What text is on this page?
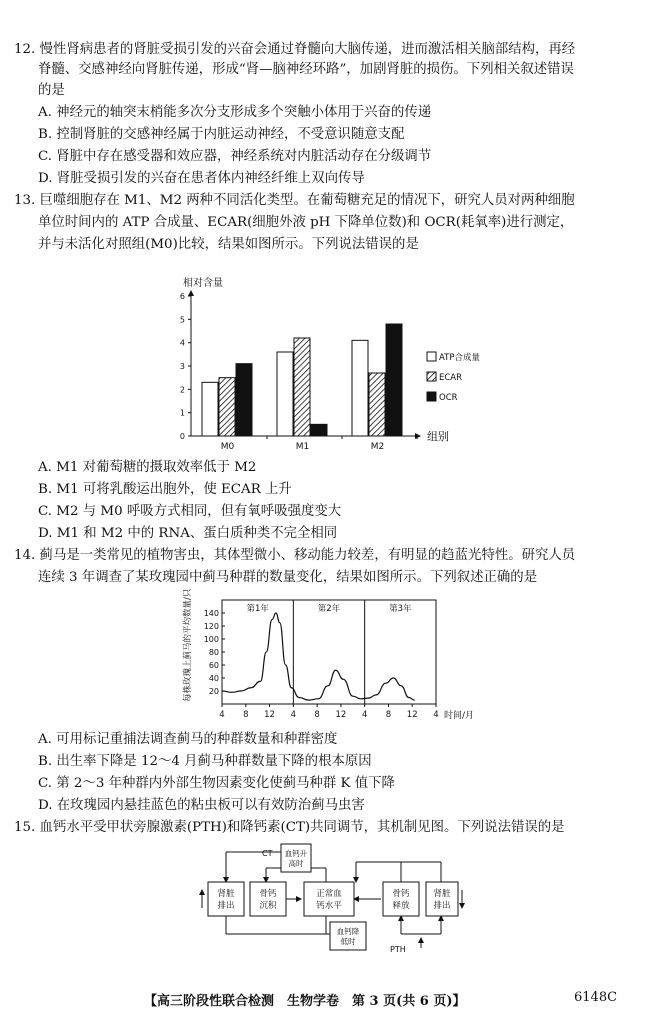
12. 慢性肾病患者的肾脏受损引发的兴奋会通过脊髓向大脑传递，进而激活相关脑部结构，再经
脊髓、交感神经向肾脏传递，形成“肾—脑神经环路”，加剧肾脏的损伤。下列相关叙述错误
的是
A. 神经元的轴突末梢能多次分支形成多个突触小体用于兴奋的传递
B. 控制肾脏的交感神经属于内脏运动神经，不受意识随意支配
C. 肾脏中存在感受器和效应器，神经系统对内脏活动存在分级调节
D. 肾脏受损引发的兴奋在患者体内神经纤维上双向传导
13. 巨噬细胞存在 M1、M2 两种不同活化类型。在葡萄糖充足的情况下，研究人员对两种细胞
单位时间内的 ATP 合成量、ECAR(细胞外液 pH 下降单位数)和 OCR(耗氧率)进行测定，
并与未活化对照组(M0)比较，结果如图所示。下列说法错误的是
相对含量
0
1
2
3
4
5
6
M0	M1	M2
组别
ATP合成量
ECAR
OCR
A. M1 对葡萄糖的摄取效率低于 M2
B. M1 可将乳酸运出胞外，使 ECAR 上升
C. M2 与 M0 呼吸方式相同，但有氧呼吸强度变大
D. M1 和 M2 中的 RNA、蛋白质种类不完全相同
14. 蓟马是一类常见的植物害虫，其体型微小、移动能力较差，有明显的趋蓝光特性。研究人员
连续 3 年调查了某玫瑰园中蓟马种群的数量变化，结果如图所示。下列叙述正确的是
每株玫瑰上蓟马的平均数量/只 20
40
60
80
100
120
140
4 8 12 4 8 12 4 8 12 4
第1年	第2年	第3年
时间/月
A. 可用标记重捕法调查蓟马的种群数量和种群密度
B. 出生率下降是 12～4 月蓟马种群数量下降的根本原因
C. 第 2～3 年种群内外部生物因素变化使蓟马种群 K 值下降
D. 在玫瑰园内悬挂蓝色的粘虫板可以有效防治蓟马虫害
15. 血钙水平受甲状旁腺激素(PTH)和降钙素(CT)共同调节，其机制见图。下列说法错误的是
CT
PTH
血钙升高时
血钙降低时
肾脏排出
骨钙沉积
正常血钙水平
骨钙释放
肾脏排出
【高三阶段性联合检测　生物学卷　第 3 页(共 6 页)】	6148C
